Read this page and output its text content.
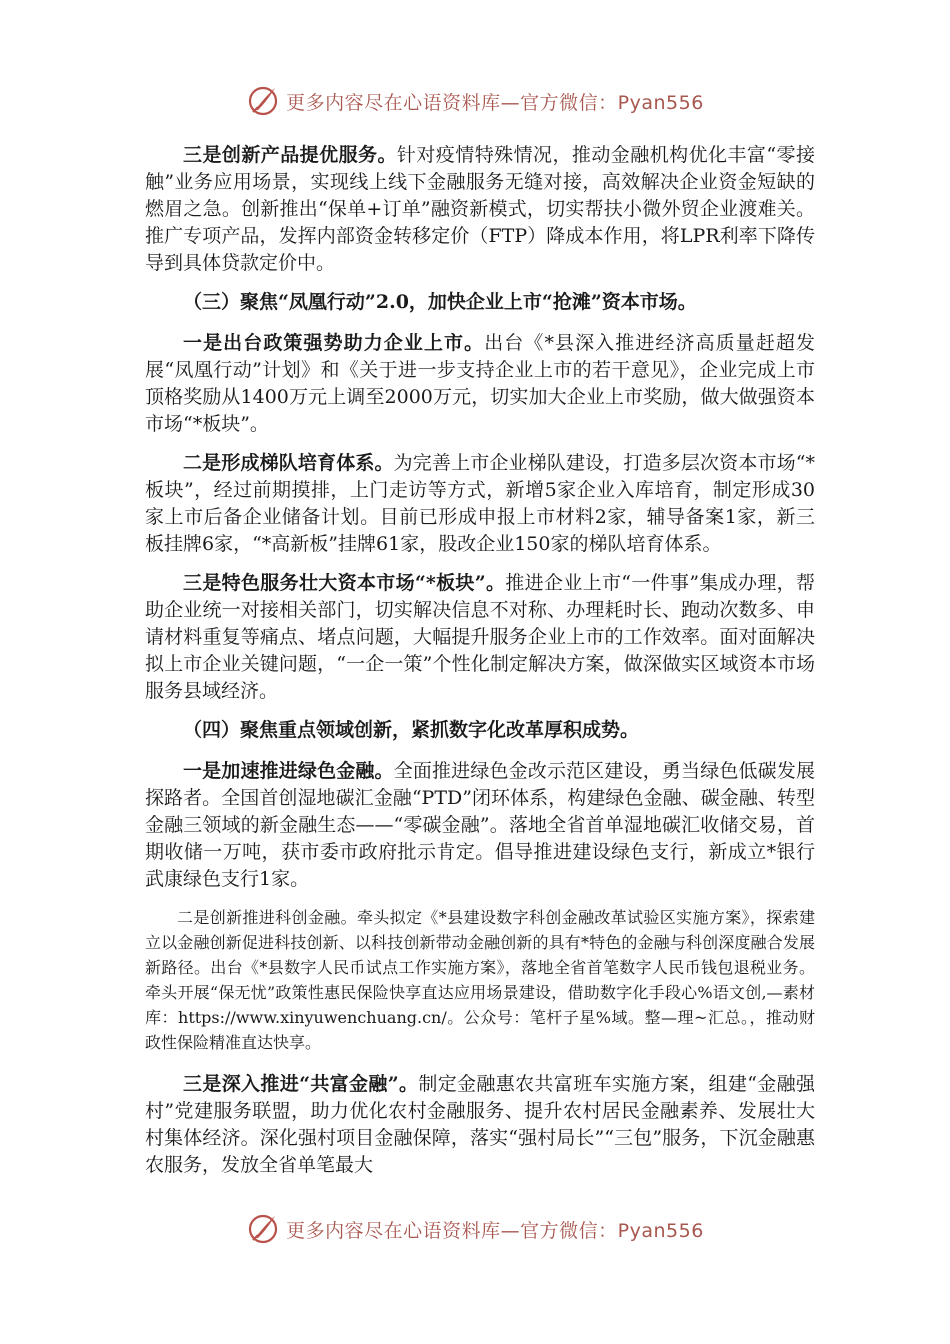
更多内容尽在心语资料库—官方微信：Pyan556

三是创新产品提优服务。针对疫情特殊情况，推动金融机构优化丰富“零接触”业务应用场景，实现线上线下金融服务无缝对接，高效解决企业资金短缺的燃眉之急。创新推出“保单+订单”融资新模式，切实帮扶小微外贸企业渡难关。推广专项产品，发挥内部资金转移定价（FTP）降成本作用，将LPR利率下降传导到具体贷款定价中。

（三）聚焦“凤凰行动”2.0，加快企业上市“抢滩”资本市场。

一是出台政策强势助力企业上市。出台《*县深入推进经济高质量赶超发展“凤凰行动”计划》和《关于进一步支持企业上市的若干意见》，企业完成上市顶格奖励从1400万元上调至2000万元，切实加大企业上市奖励，做大做强资本市场“*板块”。

二是形成梯队培育体系。为完善上市企业梯队建设，打造多层次资本市场“*板块”，经过前期摸排，上门走访等方式，新增5家企业入库培育，制定形成30家上市后备企业储备计划。目前已形成申报上市材料2家，辅导备案1家，新三板挂牌6家，“*高新板”挂牌61家，股改企业150家的梯队培育体系。

三是特色服务壮大资本市场“*板块”。推进企业上市“一件事”集成办理，帮助企业统一对接相关部门，切实解决信息不对称、办理耗时长、跑动次数多、申请材料重复等痛点、堵点问题，大幅提升服务企业上市的工作效率。面对面解决拟上市企业关键问题，“一企一策”个性化制定解决方案，做深做实区域资本市场服务县域经济。

（四）聚焦重点领域创新，紧抓数字化改革厚积成势。

一是加速推进绿色金融。全面推进绿色金改示范区建设，勇当绿色低碳发展探路者。全国首创湿地碳汇金融“PTD”闭环体系，构建绿色金融、碳金融、转型金融三领域的新金融生态——“零碳金融”。落地全省首单湿地碳汇收储交易，首期收储一万吨，获市委市政府批示肯定。倡导推进建设绿色支行，新成立*银行武康绿色支行1家。

二是创新推进科创金融。牵头拟定《*县建设数字科创金融改革试验区实施方案》，探索建立以金融创新促进科技创新、以科技创新带动金融创新的具有*特色的金融与科创深度融合发展新路径。出台《*县数字人民币试点工作实施方案》，落地全省首笔数字人民币钱包退税业务。牵头开展“保无忧”政策性惠民保险快享直达应用场景建设，借助数字化手段心%语文创,—素材库：https://www.xinyuwenchuang.cn/。公众号：笔杆子星%域。整—理~汇总。，推动财政性保险精准直达快享。

三是深入推进“共富金融”。制定金融惠农共富班车实施方案，组建“金融强村”党建服务联盟，助力优化农村金融服务、提升农村居民金融素养、发展壮大村集体经济。深化强村项目金融保障，落实“强村局长”“三包”服务，下沉金融惠农服务，发放全省单笔最大

更多内容尽在心语资料库—官方微信：Pyan556
